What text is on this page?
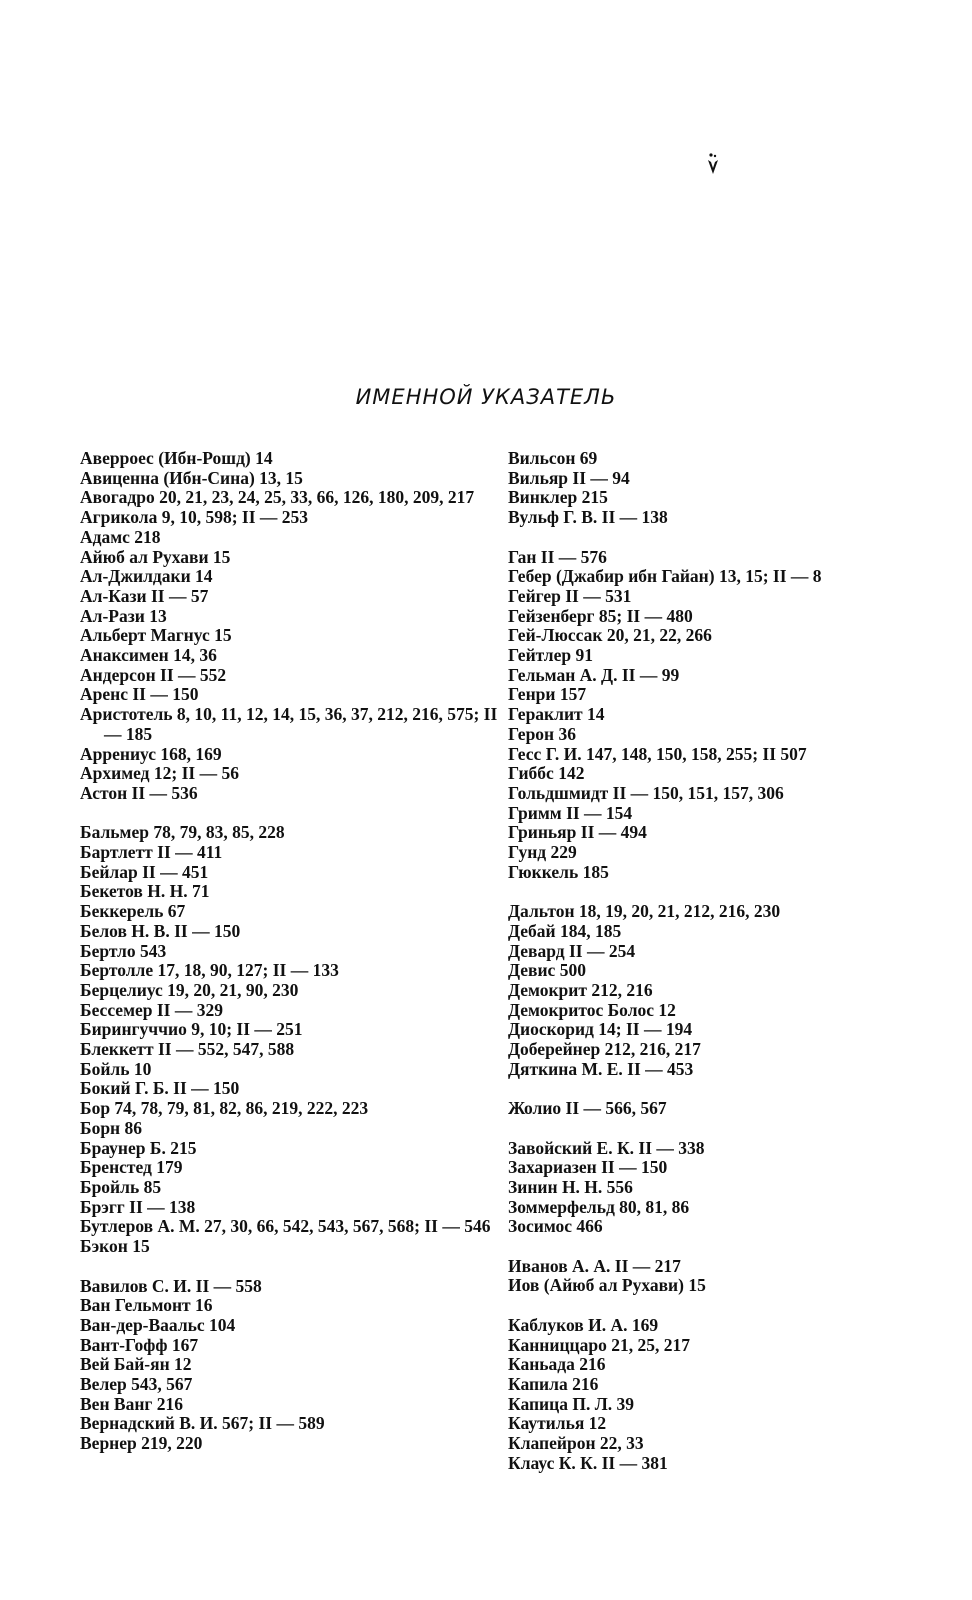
ИМЕННОЙ УКАЗАТЕЛЬ
Аверроес (Ибн-Рошд) 14
Авиценна (Ибн-Сина) 13, 15
Авогадро 20, 21, 23, 24, 25, 33, 66, 126, 180, 209, 217
Агрикола 9, 10, 598; II — 253
Адамс 218
Айюб ал Рухави 15
Ал-Джилдаки 14
Ал-Кази II — 57
Ал-Рази 13
Альберт Магнус 15
Анаксимен 14, 36
Андерсон II — 552
Аренс II — 150
Аристотель 8, 10, 11, 12, 14, 15, 36, 37, 212, 216, 575; II — 185
Аррениус 168, 169
Архимед 12; II — 56
Астон II — 536
Бальмер 78, 79, 83, 85, 228
Бартлетт II — 411
Бейлар II — 451
Бекетов Н. Н. 71
Беккерель 67
Белов Н. В. II — 150
Бертло 543
Бертолле 17, 18, 90, 127; II — 133
Берцелиус 19, 20, 21, 90, 230
Бессемер II — 329
Бирингуччио 9, 10; II — 251
Блеккетт II — 552, 547, 588
Бойль 10
Бокий Г. Б. II — 150
Бор 74, 78, 79, 81, 82, 86, 219, 222, 223
Борн 86
Браунер Б. 215
Бренстед 179
Бройль 85
Брэгг II — 138
Бутлеров А. М. 27, 30, 66, 542, 543, 567, 568; II — 546
Бэкон 15
Вавилов С. И. II — 558
Ван Гельмонт 16
Ван-дер-Ваальс 104
Вант-Гофф 167
Вей Бай-ян 12
Велер 543, 567
Вен Ванг 216
Вернадский В. И. 567; II — 589
Вернер 219, 220
Вильсон 69
Вильяр II — 94
Винклер 215
Вульф Г. В. II — 138
Ган II — 576
Гебер (Джабир ибн Гайан) 13, 15; II — 8
Гейгер II — 531
Гейзенберг 85; II — 480
Гей-Люссак 20, 21, 22, 266
Гейтлер 91
Гельман А. Д. II — 99
Генри 157
Гераклит 14
Герон 36
Гесс Г. И. 147, 148, 150, 158, 255; II 507
Гиббс 142
Гольдшмидт II — 150, 151, 157, 306
Гримм II — 154
Гриньяр II — 494
Гунд 229
Гюккель 185
Дальтон 18, 19, 20, 21, 212, 216, 230
Дебай 184, 185
Девард II — 254
Девис 500
Демокрит 212, 216
Демокритос Болос 12
Диоскорид 14; II — 194
Доберейнер 212, 216, 217
Дяткина М. Е. II — 453
Жолио II — 566, 567
Завойский Е. К. II — 338
Захариазен II — 150
Зинин Н. Н. 556
Зоммерфельд 80, 81, 86
Зосимос 466
Иванов А. А. II — 217
Иов (Айюб ал Рухави) 15
Каблуков И. А. 169
Канниццаро 21, 25, 217
Каньада 216
Капила 216
Капица П. Л. 39
Каутилья 12
Клапейрон 22, 33
Клаус К. К. II — 381
